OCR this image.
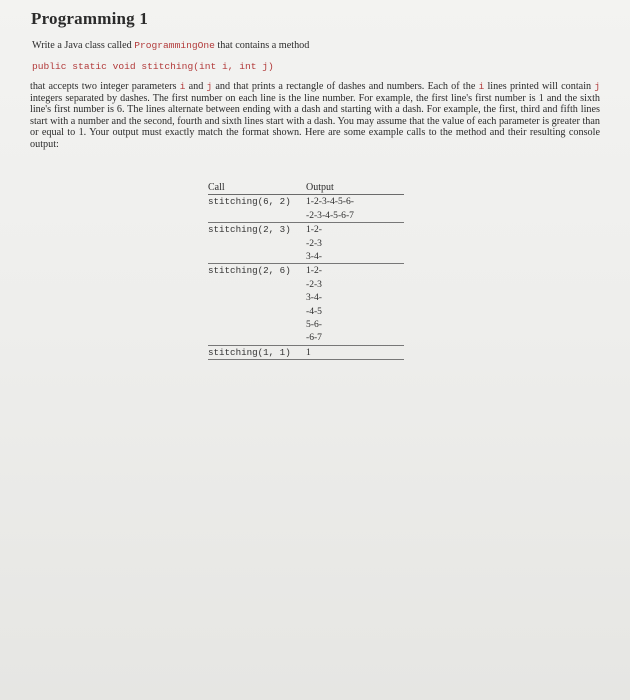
Programming 1
Write a Java class called ProgrammingOne that contains a method
public static void stitching(int i, int j)
that accepts two integer parameters i and j and that prints a rectangle of dashes and numbers. Each of the i lines printed will contain j integers separated by dashes. The first number on each line is the line number. For example, the first line's first number is 1 and the sixth line's first number is 6. The lines alternate between ending with a dash and starting with a dash. For example, the first, third and fifth lines start with a number and the second, fourth and sixth lines start with a dash. You may assume that the value of each parameter is greater than or equal to 1. Your output must exactly match the format shown. Here are some example calls to the method and their resulting console output:
Call	Output
stitching(6, 2)	1-2-3-4-5-6-
	-2-3-4-5-6-7
stitching(2, 3)	1-2-
	-2-3
	3-4-
stitching(2, 6)	1-2-
	-2-3
	3-4-
	-4-5
	5-6-
	-6-7
stitching(1, 1)	1
